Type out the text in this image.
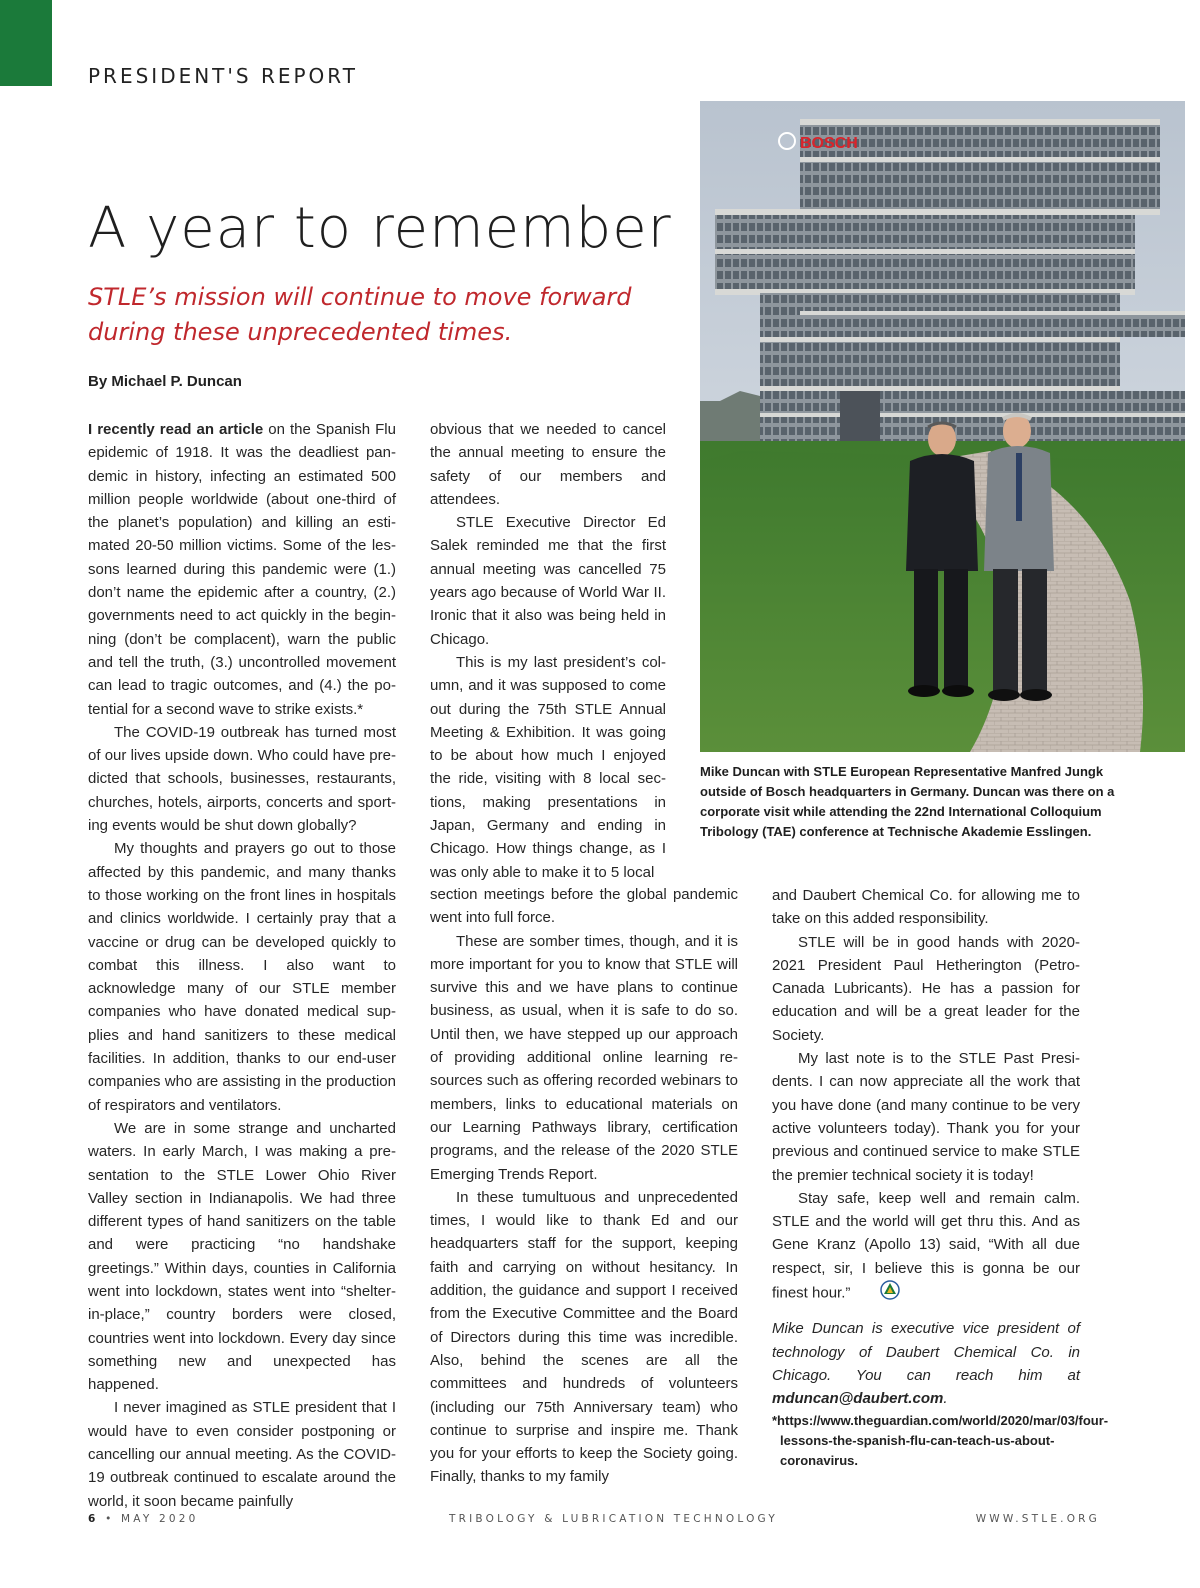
PRESIDENT'S REPORT
A year to remember
STLE’s mission will continue to move forward during these unprecedented times.
By Michael P. Duncan

I recently read an article on the Spanish Flu epidemic of 1918. It was the deadliest pandemic in history, infecting an estimated 500 million people worldwide (about one-third of the planet’s population) and killing an estimated 20-50 million victims. Some of the lessons learned during this pandemic were (1.) don’t name the epidemic after a country, (2.) governments need to act quickly in the beginning (don’t be complacent), warn the public and tell the truth, (3.) uncontrolled movement can lead to tragic outcomes, and (4.) the potential for a second wave to strike exists.*

The COVID-19 outbreak has turned most of our lives upside down. Who could have predicted that schools, businesses, restaurants, churches, hotels, airports, concerts and sporting events would be shut down globally?

My thoughts and prayers go out to those affected by this pandemic, and many thanks to those working on the front lines in hospitals and clinics worldwide. I certainly pray that a vaccine or drug can be developed quickly to combat this illness. I also want to acknowledge many of our STLE member companies who have donated medical supplies and hand sanitizers to these medical facilities. In addition, thanks to our end-user companies who are assisting in the production of respirators and ventilators.

We are in some strange and uncharted waters. In early March, I was making a presentation to the STLE Lower Ohio River Valley section in Indianapolis. We had three different types of hand sanitizers on the table and were practicing “no handshake greetings.” Within days, counties in California went into lockdown, states went into “shelter-in-place,” country borders were closed, countries went into lockdown. Every day since something new and unexpected has happened.

I never imagined as STLE president that I would have to even consider postponing or cancelling our annual meeting. As the COVID-19 outbreak continued to escalate around the world, it soon became painfully

obvious that we needed to cancel the annual meeting to ensure the safety of our members and attendees.

STLE Executive Director Ed Salek reminded me that the first annual meeting was cancelled 75 years ago because of World War II. Ironic that it also was being held in Chicago.

This is my last president’s column, and it was supposed to come out during the 75th STLE Annual Meeting & Exhibition. It was going to be about how much I enjoyed the ride, visiting with 8 local sections, making presentations in Japan, Germany and ending in Chicago. How things change, as I was only able to make it to 5 local

section meetings before the global pandemic went into full force.

These are somber times, though, and it is more important for you to know that STLE will survive this and we have plans to continue business, as usual, when it is safe to do so. Until then, we have stepped up our approach of providing additional online learning resources such as offering recorded webinars to members, links to educational materials on our Learning Pathways library, certification programs, and the release of the 2020 STLE Emerging Trends Report.

In these tumultuous and unprecedented times, I would like to thank Ed and our headquarters staff for the support, keeping faith and carrying on without hesitancy. In addition, the guidance and support I received from the Executive Committee and the Board of Directors during this time was incredible. Also, behind the scenes are all the committees and hundreds of volunteers (including our 75th Anniversary team) who continue to surprise and inspire me. Thank you for your efforts to keep the Society going. Finally, thanks to my family

and Daubert Chemical Co. for allowing me to take on this added responsibility.

STLE will be in good hands with 2020-2021 President Paul Hetherington (Petro-Canada Lubricants). He has a passion for education and will be a great leader for the Society.

My last note is to the STLE Past Presidents. I can now appreciate all the work that you have done (and many continue to be very active volunteers today). Thank you for your previous and continued service to make STLE the premier technical society it is today!

Stay safe, keep well and remain calm. STLE and the world will get thru this. And as Gene Kranz (Apollo 13) said, “With all due respect, sir, I believe this is gonna be our finest hour.”

Mike Duncan is executive vice president of technology of Daubert Chemical Co. in Chicago. You can reach him at mduncan@daubert.com.

*https://www.theguardian.com/world/2020/mar/03/four-lessons-the-spanish-flu-can-teach-us-about-coronavirus.

BOSCH
Mike Duncan with STLE European Representative Manfred Jungk outside of Bosch headquarters in Germany. Duncan was there on a corporate visit while attending the 22nd International Colloquium Tribology (TAE) conference at Technische Akademie Esslingen.
6 • MAY 2020	TRIBOLOGY & LUBRICATION TECHNOLOGY	WWW.STLE.ORG
